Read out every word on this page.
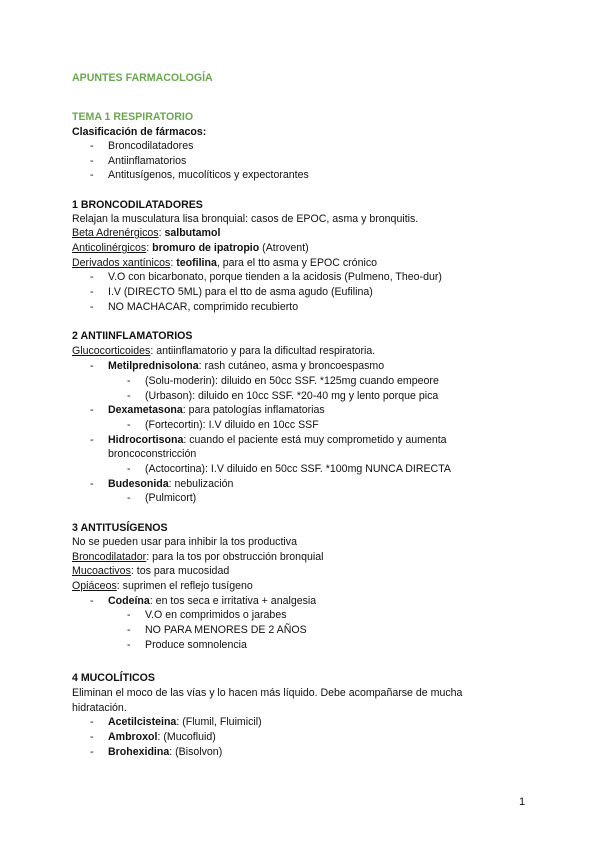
APUNTES FARMACOLOGÍA
TEMA 1 RESPIRATORIO
Clasificación de fármacos:
-	Broncodilatadores
-	Antiinflamatorios
-	Antitusígenos, mucolíticos y expectorantes
1 BRONCODILATADORES
Relajan la musculatura lisa bronquial: casos de EPOC, asma y bronquitis.
Beta Adrenérgicos: salbutamol
Anticolinérgicos: bromuro de ipatropio (Atrovent)
Derivados xantínicos: teofilina, para el tto asma y EPOC crónico
-	V.O con bicarbonato, porque tienden a la acidosis (Pulmeno, Theo-dur)
-	I.V (DIRECTO 5ML) para el tto de asma agudo (Eufilina)
-	NO MACHACAR, comprimido recubierto
2 ANTIINFLAMATORIOS
Glucocorticoides: antiinflamatorio y para la dificultad respiratoria.
-	Metilprednisolona: rash cutáneo, asma y broncoespasmo
-	(Solu-moderin): diluido en 50cc SSF. *125mg cuando empeore
-	(Urbason): diluido en 10cc SSF. *20-40 mg y lento porque pica
-	Dexametasona: para patologías inflamatorias
-	(Fortecortin): I.V diluido en 10cc SSF
-	Hidrocortisona: cuando el paciente está muy comprometido y aumenta
broncoconstricción
-	(Actocortina): I.V diluido en 50cc SSF. *100mg NUNCA DIRECTA
-	Budesonida: nebulización
-	(Pulmicort)
3 ANTITUSÍGENOS
No se pueden usar para inhibir la tos productiva
Broncodilatador: para la tos por obstrucción bronquial
Mucoactivos: tos para mucosidad
Opiáceos: suprimen el reflejo tusígeno
-	Codeína: en tos seca e irritativa + analgesia
-	V.O en comprimidos o jarabes
-	NO PARA MENORES DE 2 AÑOS
-	Produce somnolencia
4 MUCOLÍTICOS
Eliminan el moco de las vías y lo hacen más líquido. Debe acompañarse de mucha
hidratación.
-	Acetilcisteina: (Flumil, Fluimicil)
-	Ambroxol: (Mucofluid)
-	Brohexidina: (Bisolvon)
1
